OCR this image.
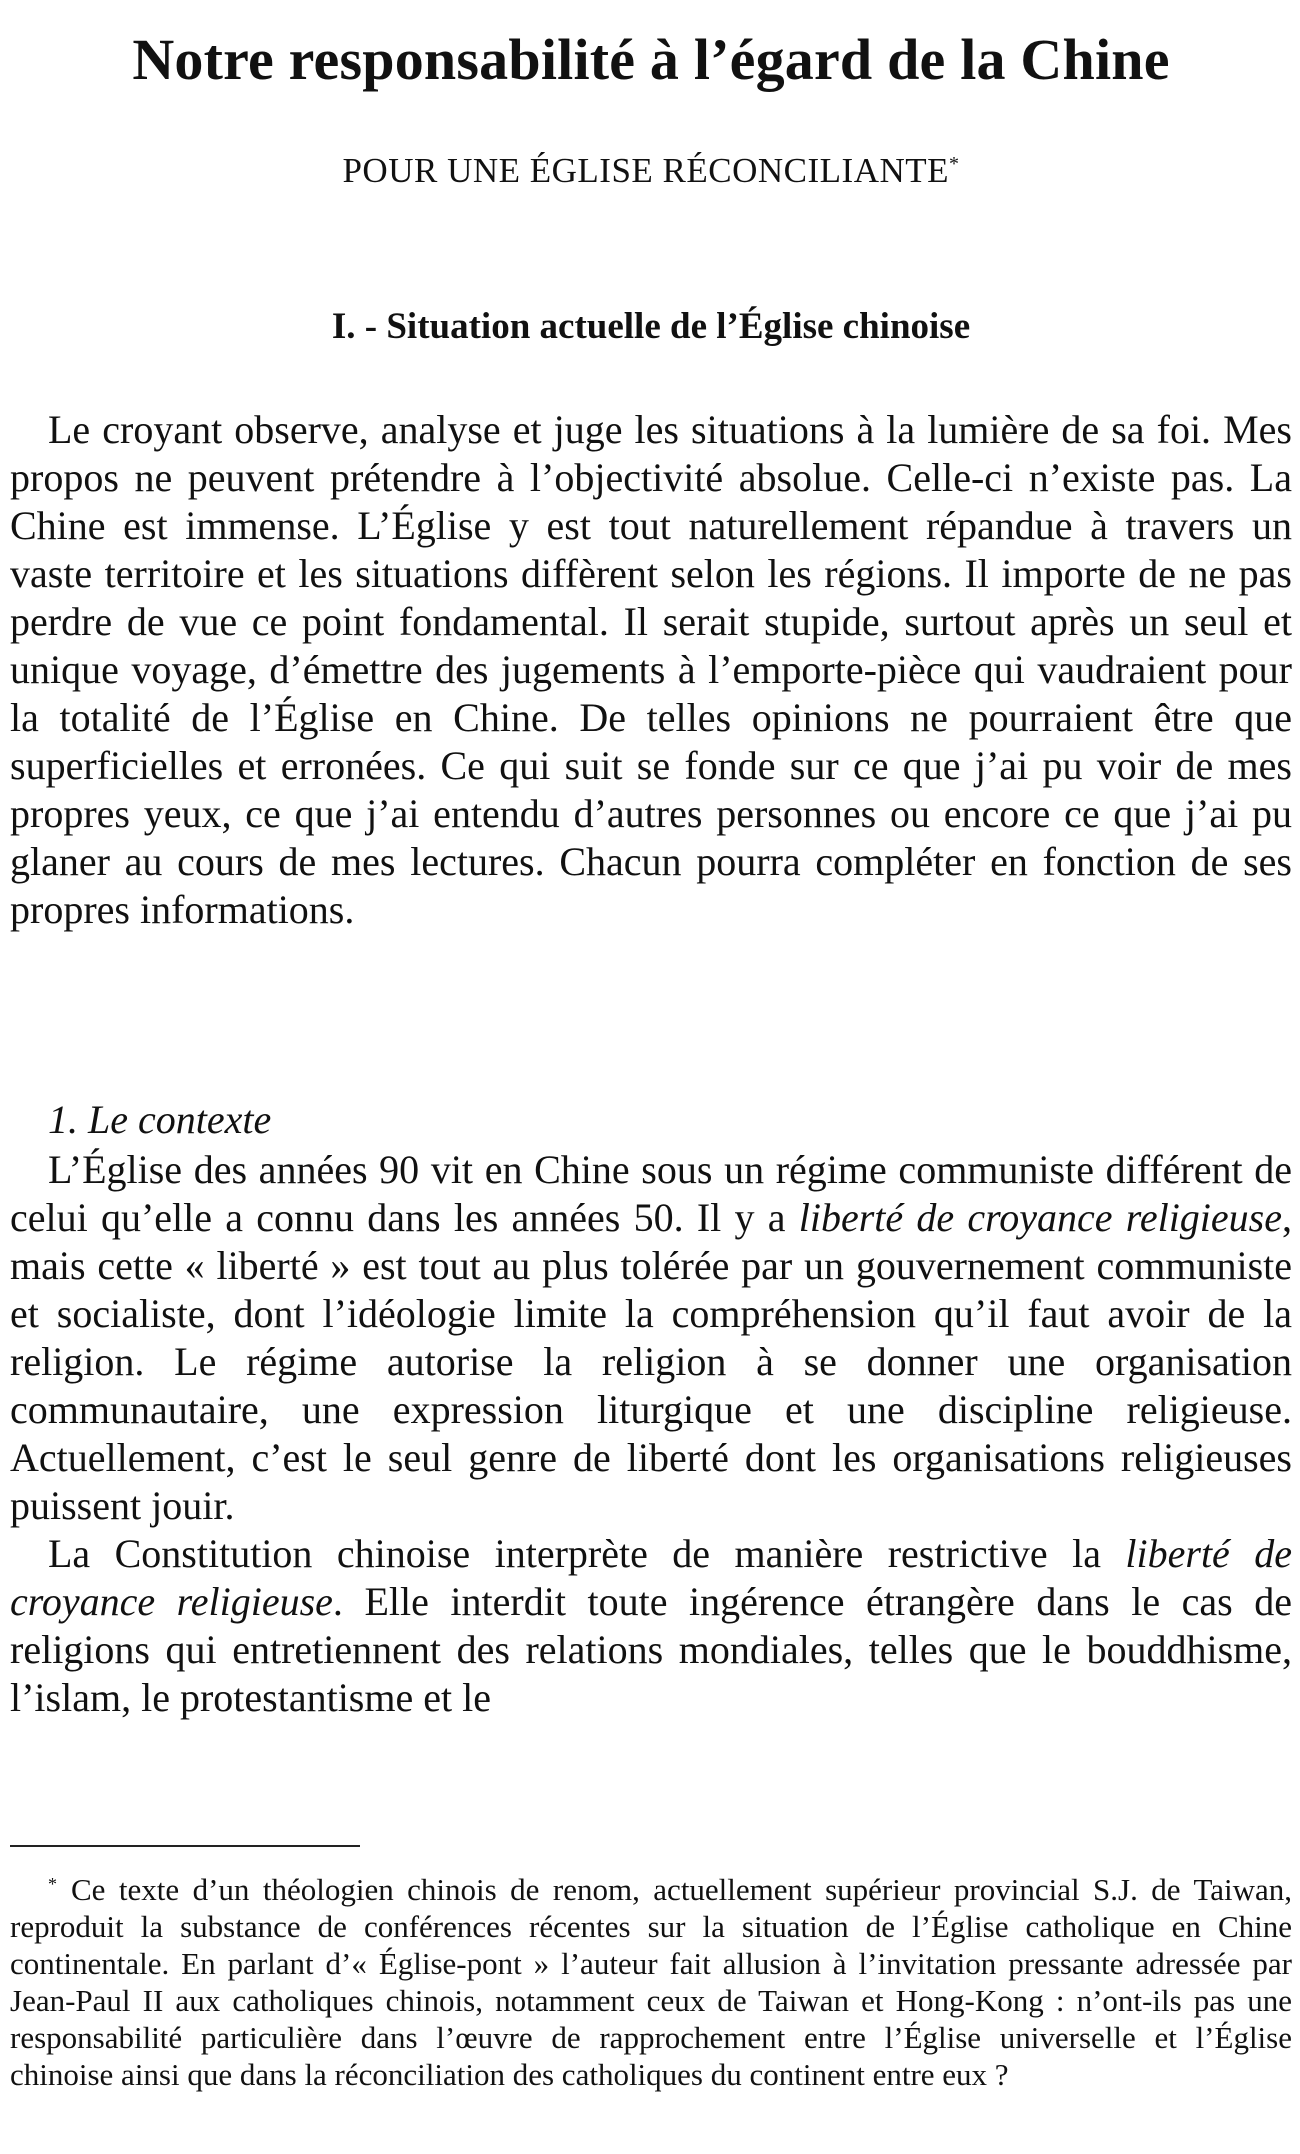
Notre responsabilité à l’égard de la Chine
POUR UNE ÉGLISE RÉCONCILIANTE*
I. - Situation actuelle de l’Église chinoise

Le croyant observe, analyse et juge les situations à la lumière de sa foi. Mes propos ne peuvent prétendre à l’objectivité absolue. Celle-ci n’existe pas. La Chine est immense. L’Église y est tout naturellement répandue à travers un vaste territoire et les situations diffèrent selon les régions. Il importe de ne pas perdre de vue ce point fondamental. Il serait stupide, surtout après un seul et unique voyage, d’émettre des jugements à l’emporte-pièce qui vaudraient pour la totalité de l’Église en Chine. De telles opinions ne pourraient être que superficielles et erronées. Ce qui suit se fonde sur ce que j’ai pu voir de mes propres yeux, ce que j’ai entendu d’autres personnes ou encore ce que j’ai pu glaner au cours de mes lectures. Chacun pourra compléter en fonction de ses propres informations.

1. Le contexte

L’Église des années 90 vit en Chine sous un régime communiste différent de celui qu’elle a connu dans les années 50. Il y a liberté de croyance religieuse, mais cette « liberté » est tout au plus tolérée par un gouvernement communiste et socialiste, dont l’idéologie limite la compréhension qu’il faut avoir de la religion. Le régime autorise la religion à se donner une organisation communautaire, une expression liturgique et une discipline religieuse. Actuellement, c’est le seul genre de liberté dont les organisations religieuses puissent jouir.

La Constitution chinoise interprète de manière restrictive la liberté de croyance religieuse. Elle interdit toute ingérence étrangère dans le cas de religions qui entretiennent des relations mondiales, telles que le bouddhisme, l’islam, le protestantisme et le

* Ce texte d’un théologien chinois de renom, actuellement supérieur provincial S.J. de Taiwan, reproduit la substance de conférences récentes sur la situation de l’Église catholique en Chine continentale. En parlant d’« Église-pont » l’auteur fait allusion à l’invitation pressante adressée par Jean-Paul II aux catholiques chinois, notamment ceux de Taiwan et Hong-Kong : n’ont-ils pas une responsabilité particulière dans l’œuvre de rapprochement entre l’Église universelle et l’Église chinoise ainsi que dans la réconciliation des catholiques du continent entre eux ?
